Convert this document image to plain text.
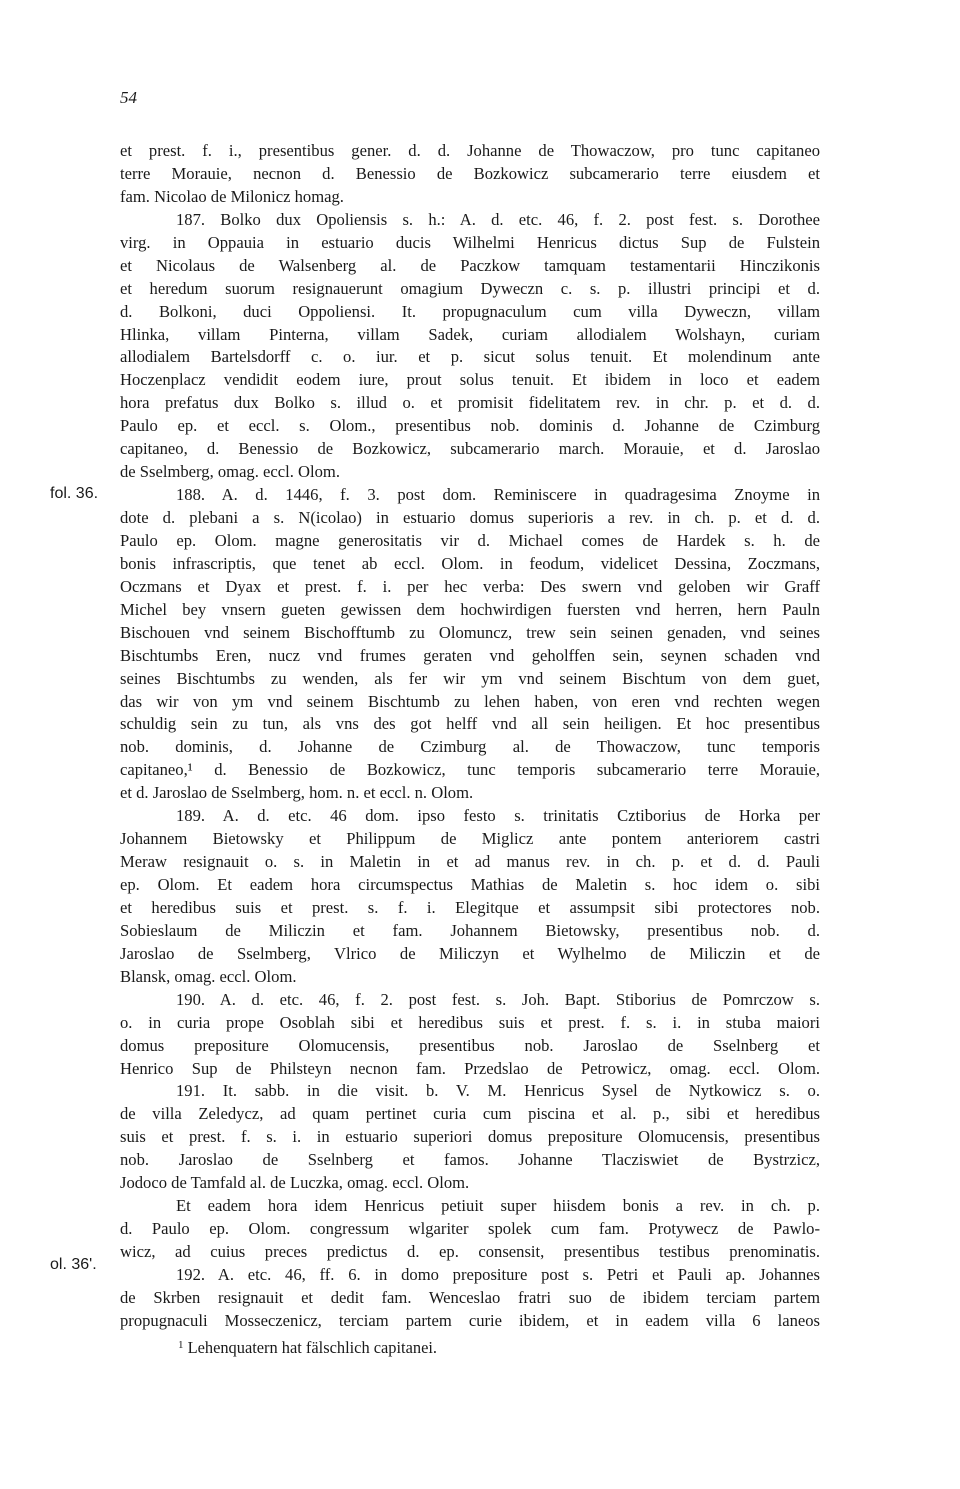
54
fol. 36.
ol. 36'.
et prest. f. i., presentibus gener. d. d. Johanne de Thowaczow, pro tunc capitaneo
terre Morauie, necnon d. Benessio de Bozkowicz subcamerario terre eiusdem et
fam. Nicolao de Milonicz homag.
187. Bolko dux Opoliensis s. h.: A. d. etc. 46, f. 2. post fest. s. Dorothee
virg. in Oppauia in estuario ducis Wilhelmi Henricus dictus Sup de Fulstein
et Nicolaus de Walsenberg al. de Paczkow tamquam testamentarii Hinczikonis
et heredum suorum resignauerunt omagium Dyweczn c. s. p. illustri principi et d.
d. Bolkoni, duci Oppoliensi. It. propugnaculum cum villa Dyweczn, villam
Hlinka, villam Pinterna, villam Sadek, curiam allodialem Wolshayn, curiam
allodialem Bartelsdorff c. o. iur. et p. sicut solus tenuit. Et molendinum ante
Hoczenplacz vendidit eodem iure, prout solus tenuit. Et ibidem in loco et eadem
hora prefatus dux Bolko s. illud o. et promisit fidelitatem rev. in chr. p. et d. d.
Paulo ep. et eccl. s. Olom., presentibus nob. dominis d. Johanne de Czimburg
capitaneo, d. Benessio de Bozkowicz, subcamerario march. Morauie, et d. Jaroslao
de Sselmberg, omag. eccl. Olom.
188. A. d. 1446, f. 3. post dom. Reminiscere in quadragesima Znoyme in
dote d. plebani a s. N(icolao) in estuario domus superioris a rev. in ch. p. et d. d.
Paulo ep. Olom. magne generositatis vir d. Michael comes de Hardek s. h. de
bonis infrascriptis, que tenet ab eccl. Olom. in feodum, videlicet Dessina, Zoczmans,
Oczmans et Dyax et prest. f. i. per hec verba: Des swern vnd geloben wir Graff
Michel bey vnsern gueten gewissen dem hochwirdigen fuersten vnd herren, hern Pauln
Bischouen vnd seinem Bischofftumb zu Olomuncz, trew sein seinen genaden, vnd seines
Bischtumbs Eren, nucz vnd frumes geraten vnd geholffen sein, seynen schaden vnd
seines Bischtumbs zu wenden, als fer wir ym vnd seinem Bischtum von dem guet,
das wir von ym vnd seinem Bischtumb zu lehen haben, von eren vnd rechten wegen
schuldig sein zu tun, als vns des got helff vnd all sein heiligen. Et hoc presentibus
nob. dominis, d. Johanne de Czimburg al. de Thowaczow, tunc temporis
capitaneo,¹ d. Benessio de Bozkowicz, tunc temporis subcamerario terre Morauie,
et d. Jaroslao de Sselmberg, hom. n. et eccl. n. Olom.
189. A. d. etc. 46 dom. ipso festo s. trinitatis Cztiborius de Horka per
Johannem Bietowsky et Philippum de Miglicz ante pontem anteriorem castri
Meraw resignauit o. s. in Maletin in et ad manus rev. in ch. p. et d. d. Pauli
ep. Olom. Et eadem hora circumspectus Mathias de Maletin s. hoc idem o. sibi
et heredibus suis et prest. s. f. i. Elegitque et assumpsit sibi protectores nob.
Sobieslaum de Miliczin et fam. Johannem Bietowsky, presentibus nob. d.
Jaroslao de Sselmberg, Vlrico de Miliczyn et Wylhelmo de Miliczin et de
Blansk, omag. eccl. Olom.
190. A. d. etc. 46, f. 2. post fest. s. Joh. Bapt. Stiborius de Pomrczow s.
o. in curia prope Osoblah sibi et heredibus suis et prest. f. s. i. in stuba maiori
domus prepositure Olomucensis, presentibus nob. Jaroslao de Sselnberg et
Henrico Sup de Philsteyn necnon fam. Przedslao de Petrowicz, omag. eccl. Olom.
191. It. sabb. in die visit. b. V. M. Henricus Sysel de Nytkowicz s. o.
de villa Zeledycz, ad quam pertinet curia cum piscina et al. p., sibi et heredibus
suis et prest. f. s. i. in estuario superiori domus prepositure Olomucensis, presentibus
nob. Jaroslao de Sselnberg et famos. Johanne Tlacziswiet de Bystrzicz,
Jodoco de Tamfald al. de Luczka, omag. eccl. Olom.
Et eadem hora idem Henricus petiuit super hiisdem bonis a rev. in ch. p.
d. Paulo ep. Olom. congressum wlgariter spolek cum fam. Protywecz de Pawlo-
wicz, ad cuius preces predictus d. ep. consensit, presentibus testibus prenominatis.
192. A. etc. 46, ff. 6. in domo prepositure post s. Petri et Pauli ap. Johannes
de Skrben resignauit et dedit fam. Wenceslao fratri suo de ibidem terciam partem
propugnaculi Mosseczenicz, terciam partem curie ibidem, et in eadem villa 6 laneos
$^1$ Lehenquatern hat fälschlich capitanei.
